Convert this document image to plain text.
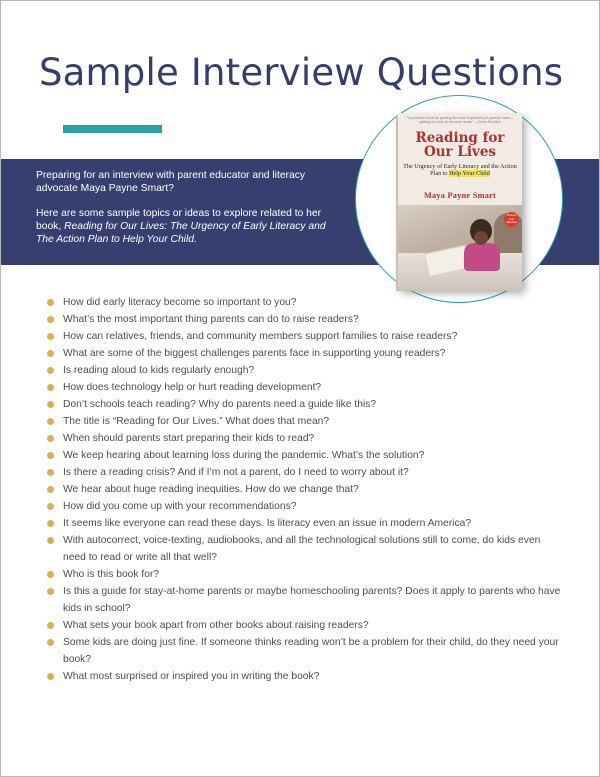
Sample Interview Questions

Preparing for an interview with parent educator and literacy advocate Maya Payne Smart?

Here are some sample topics or ideas to explore related to her book, Reading for Our Lives: The Urgency of Early Literacy and The Action Plan to Help Your Child.

"A powerful book for guiding the most important job parents have—getting our kids to become ready." —Dana Suskind
Reading for Our Lives
The Urgency of Early Literacy and the Action Plan to Help Your Child
Maya Payne Smart
Proven and effective
How did early literacy become so important to you?
What’s the most important thing parents can do to raise readers?
How can relatives, friends, and community members support families to raise readers?
What are some of the biggest challenges parents face in supporting young readers?
Is reading aloud to kids regularly enough?
How does technology help or hurt reading development?
Don’t schools teach reading? Why do parents need a guide like this?
The title is “Reading for Our Lives.” What does that mean?
When should parents start preparing their kids to read?
We keep hearing about learning loss during the pandemic. What’s the solution?
Is there a reading crisis? And if I’m not a parent, do I need to worry about it?
We hear about huge reading inequities. How do we change that?
How did you come up with your recommendations?
It seems like everyone can read these days. Is literacy even an issue in modern America?
With autocorrect, voice-texting, audiobooks, and all the technological solutions still to come, do kids even need to read or write all that well?
Who is this book for?
Is this a guide for stay-at-home parents or maybe homeschooling parents? Does it apply to parents who have kids in school?
What sets your book apart from other books about raising readers?
Some kids are doing just fine. If someone thinks reading won’t be a problem for their child, do they need your book?
What most surprised or inspired you in writing the book?
